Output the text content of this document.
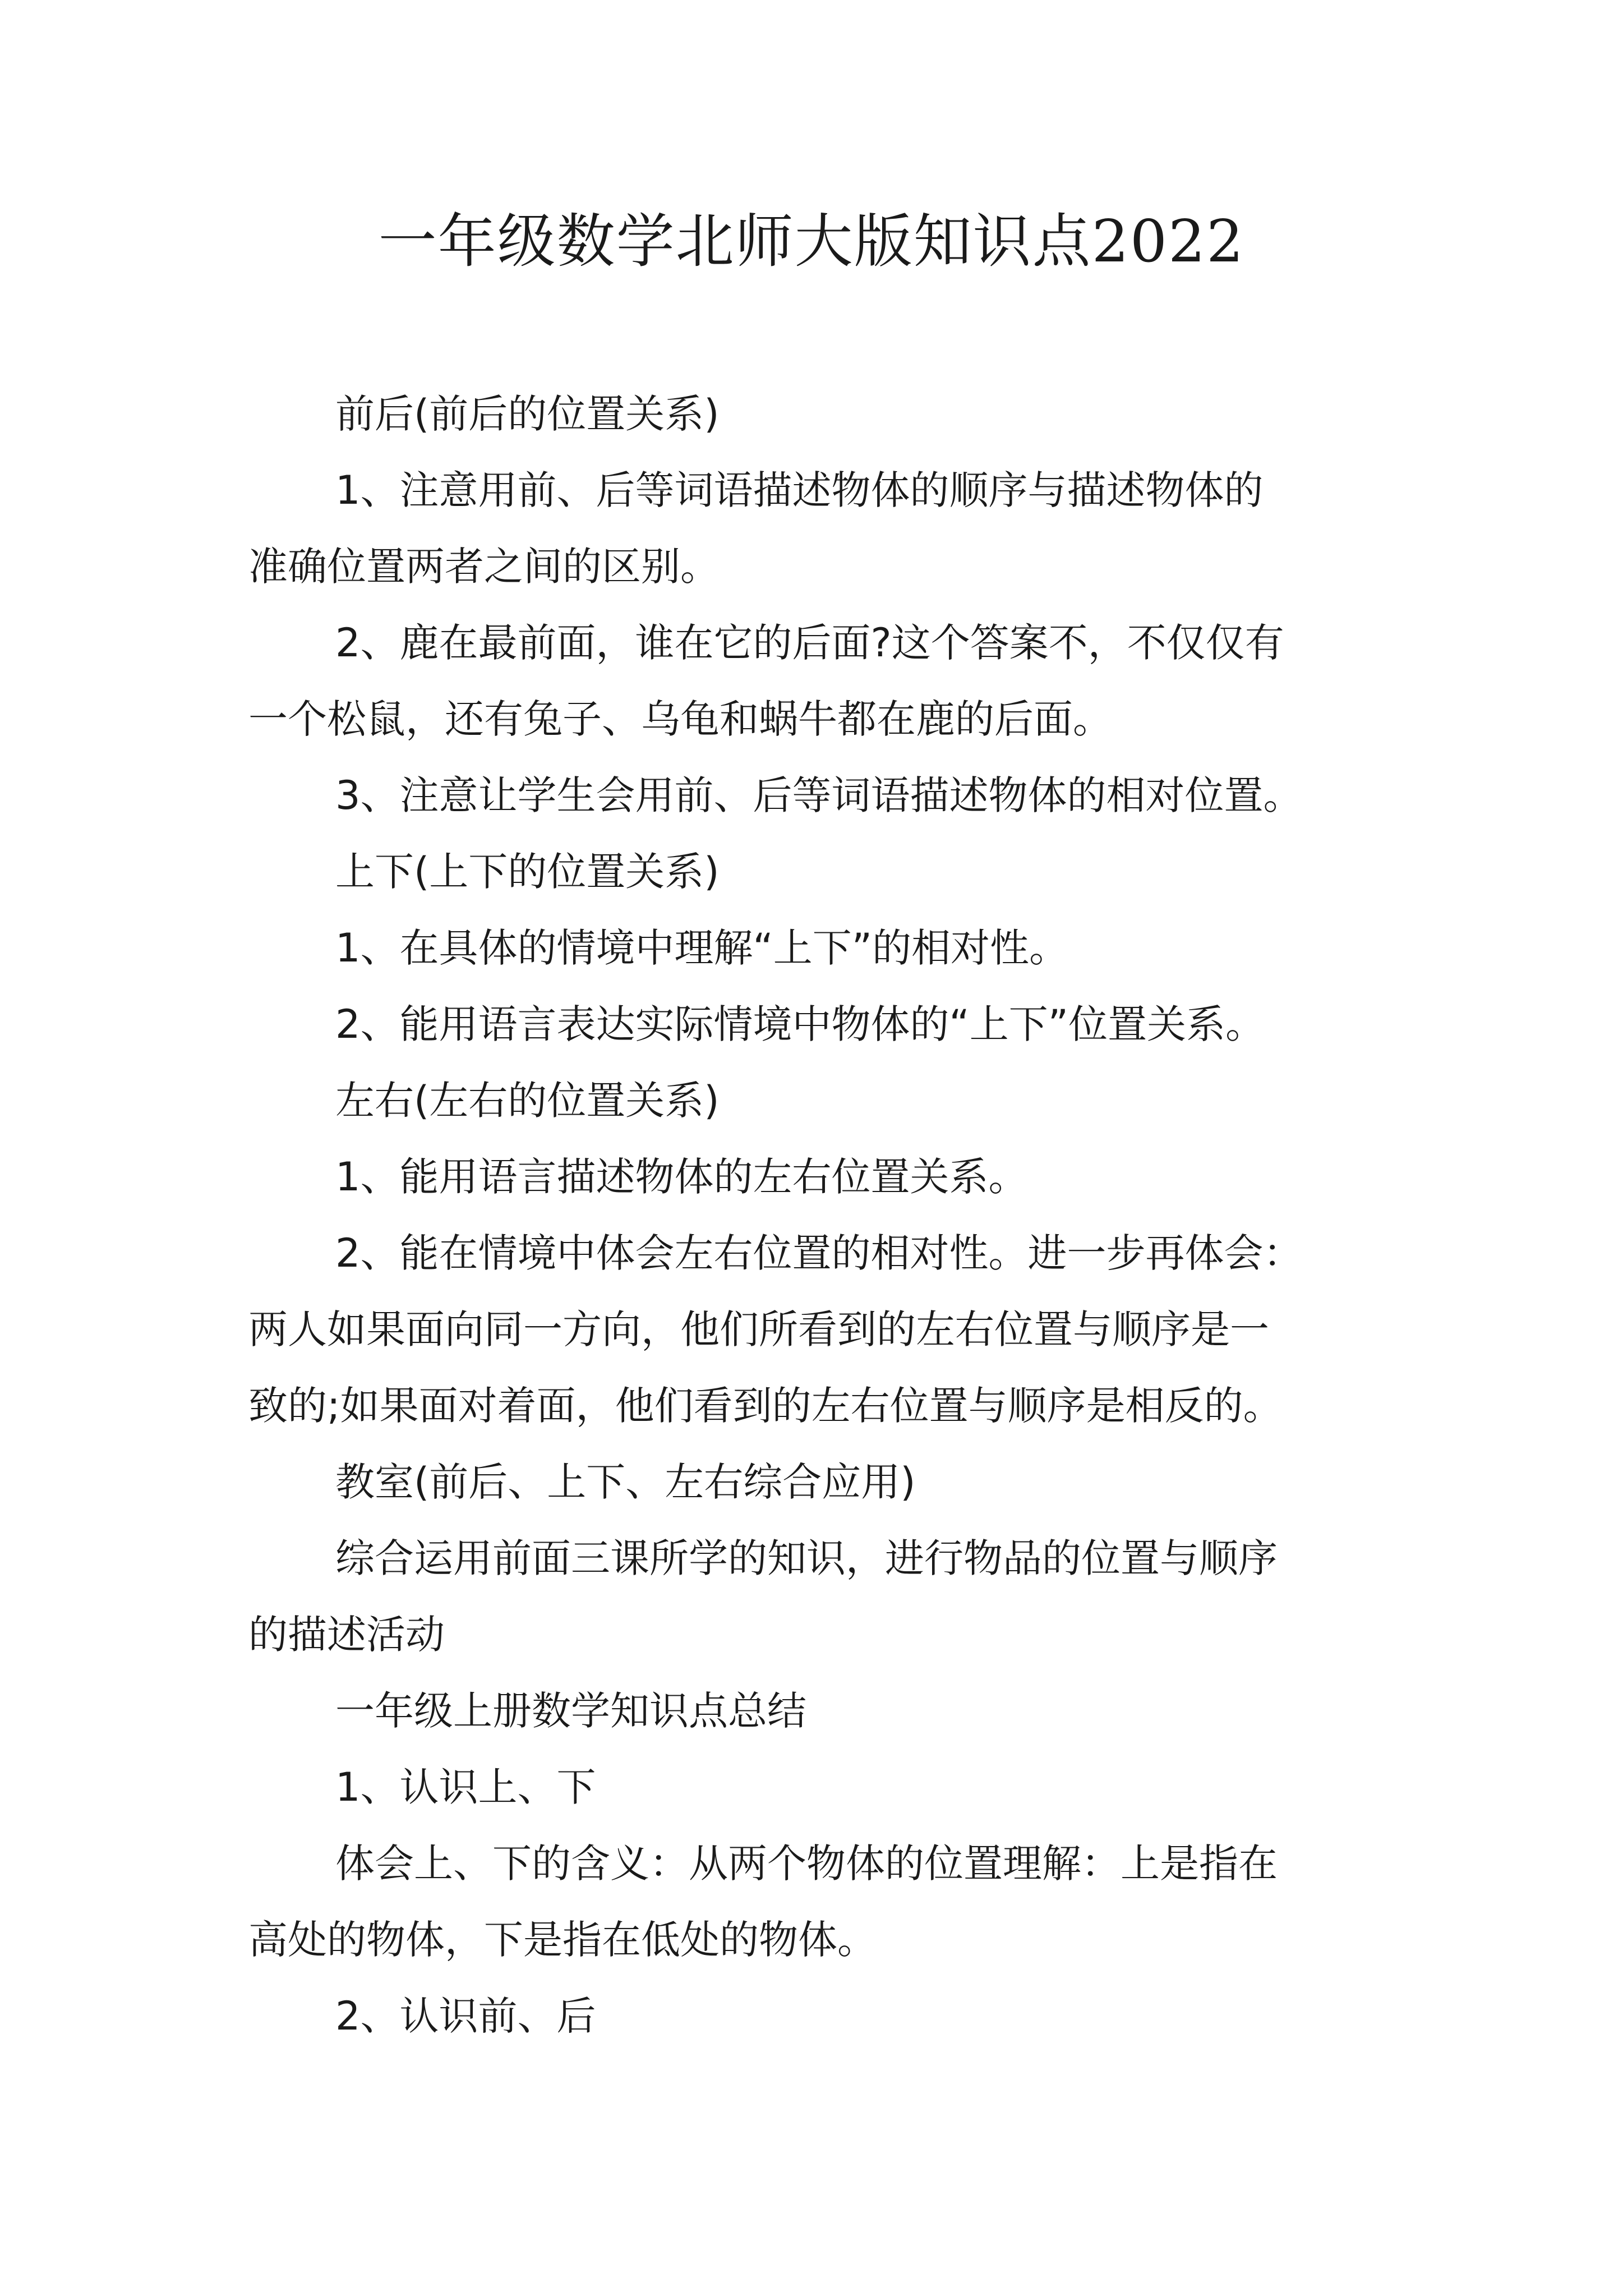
一年级数学北师大版知识点2022

前后(前后的位置关系)

1、注意用前、后等词语描述物体的顺序与描述物体的

准确位置两者之间的区别。

2、鹿在最前面，谁在它的后面?这个答案不，不仅仅有

一个松鼠，还有兔子、乌龟和蜗牛都在鹿的后面。

3、注意让学生会用前、后等词语描述物体的相对位置。

上下(上下的位置关系)

1、在具体的情境中理解“上下”的相对性。

2、能用语言表达实际情境中物体的“上下”位置关系。

左右(左右的位置关系)

1、能用语言描述物体的左右位置关系。

2、能在情境中体会左右位置的相对性。进一步再体会：

两人如果面向同一方向，他们所看到的左右位置与顺序是一

致的;如果面对着面，他们看到的左右位置与顺序是相反的。

教室(前后、上下、左右综合应用)

综合运用前面三课所学的知识，进行物品的位置与顺序

的描述活动

一年级上册数学知识点总结

1、认识上、下

体会上、下的含义：从两个物体的位置理解：上是指在

高处的物体，下是指在低处的物体。

2、认识前、后
